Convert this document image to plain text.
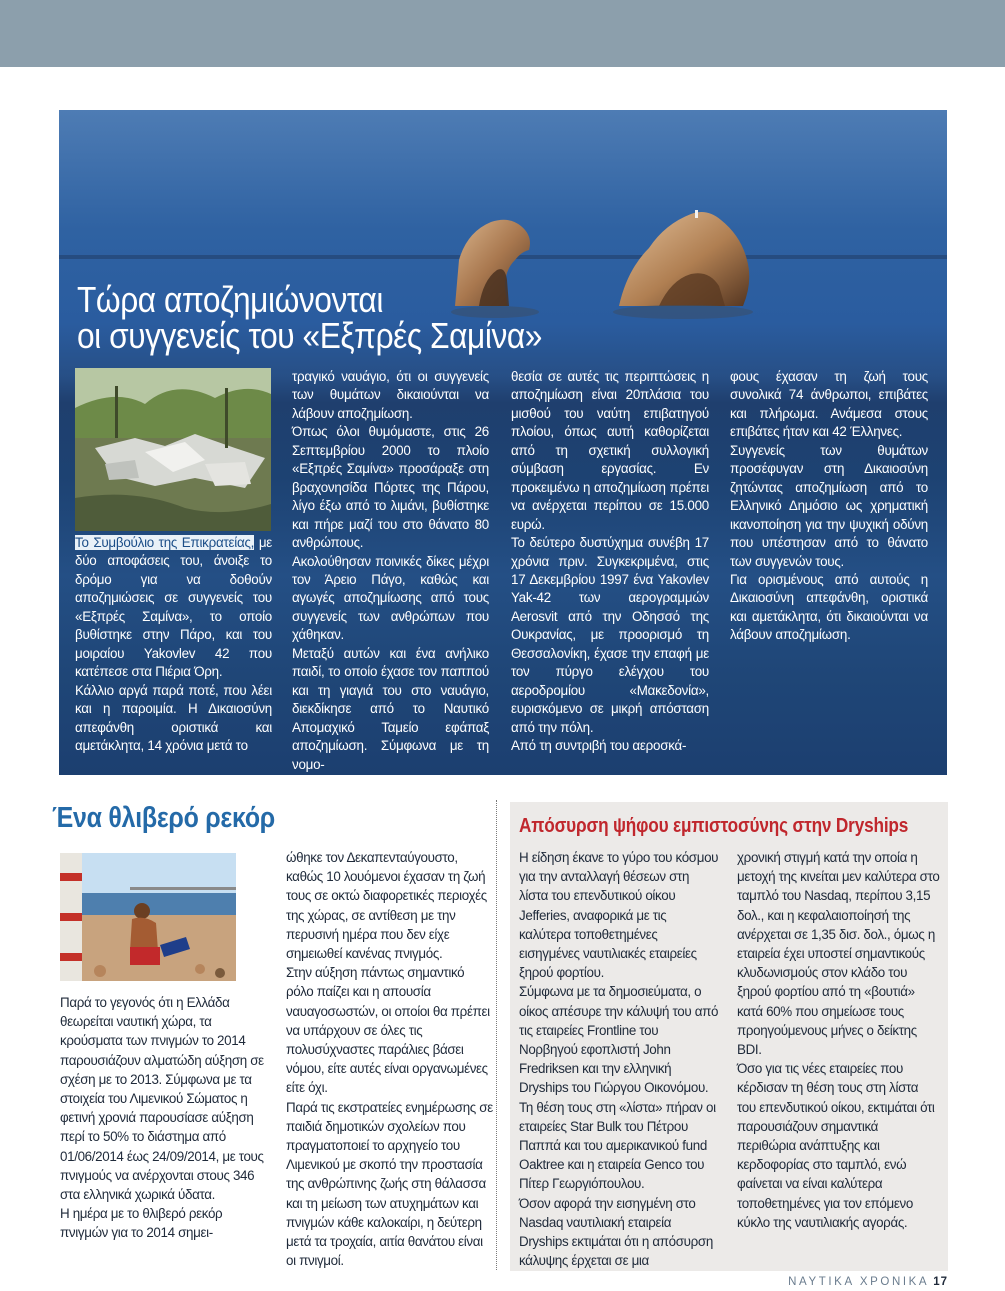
Τώρα αποζημιώνονται
οι συγγενείς του «Εξπρές Σαμίνα»

Το Συμβούλιο της Επικρατείας, με δύο αποφάσεις του, άνοιξε το δρόμο για να δοθούν αποζημιώσεις σε συγγενείς του «Εξπρές Σαμίνα», το οποίο βυθίστηκε στην Πάρο, και του μοιραίου Yakovlev 42 που κατέπεσε στα Πιέρια Όρη.

Κάλλιο αργά παρά ποτέ, που λέει και η παροιμία. Η Δικαιοσύνη απεφάνθη οριστικά και αμετάκλητα, 14 χρόνια μετά το

τραγικό ναυάγιο, ότι οι συγγενείς των θυμάτων δικαιούνται να λάβουν αποζημίωση.

Όπως όλοι θυμόμαστε, στις 26 Σεπτεμβρίου 2000 το πλοίο «Εξπρές Σαμίνα» προσάραξε στη βραχονησίδα Πόρτες της Πάρου, λίγο έξω από το λιμάνι, βυθίστηκε και πήρε μαζί του στο θάνατο 80 ανθρώπους.

Ακολούθησαν ποινικές δίκες μέχρι τον Άρειο Πάγο, καθώς και αγωγές αποζημίωσης από τους συγγενείς των ανθρώπων που χάθηκαν.

Μεταξύ αυτών και ένα ανήλικο παιδί, το οποίο έχασε τον παππού και τη γιαγιά του στο ναυάγιο, διεκδίκησε από το Ναυτικό Απομαχικό Ταμείο εφάπαξ αποζημίωση. Σύμφωνα με τη νομο-

θεσία σε αυτές τις περιπτώσεις η αποζημίωση είναι 20πλάσια του μισθού του ναύτη επιβατηγού πλοίου, όπως αυτή καθορίζεται από τη σχετική συλλογική σύμβαση εργασίας. Εν προκειμένω η αποζημίωση πρέπει να ανέρχεται περίπου σε 15.000 ευρώ.

Το δεύτερο δυστύχημα συνέβη 17 χρόνια πριν. Συγκεκριμένα, στις 17 Δεκεμβρίου 1997 ένα Yakovlev Yak-42 των αερογραμμών Aerosvit από την Οδησσό της Ουκρανίας, με προορισμό τη Θεσσαλονίκη, έχασε την επαφή με τον πύργο ελέγχου του αεροδρομίου «Μακεδονία», ευρισκόμενο σε μικρή απόσταση από την πόλη.

Από τη συντριβή του αεροσκά-

φους έχασαν τη ζωή τους συνολικά 74 άνθρωποι, επιβάτες και πλήρωμα. Ανάμεσα στους επιβάτες ήταν και 42 Έλληνες.

Συγγενείς των θυμάτων προσέφυγαν στη Δικαιοσύνη ζητώντας αποζημίωση από το Ελληνικό Δημόσιο ως χρηματική ικανοποίηση για την ψυχική οδύνη που υπέστησαν από το θάνατο των συγγενών τους.

Για ορισμένους από αυτούς η Δικαιοσύνη απεφάνθη, οριστικά και αμετάκλητα, ότι δικαιούνται να λάβουν αποζημίωση.

Ένα θλιβερό ρεκόρ

Παρά το γεγονός ότι η Ελλάδα θεωρείται ναυτική χώρα, τα κρούσματα των πνιγμών το 2014 παρουσιάζουν αλματώδη αύξηση σε σχέση με το 2013. Σύμφωνα με τα στοιχεία του Λιμενικού Σώματος η φετινή χρονιά παρουσίασε αύξηση περί το 50% το διάστημα από 01/06/2014 έως 24/09/2014, με τους πνιγμούς να ανέρχονται στους 346 στα ελληνικά χωρικά ύδατα.

Η ημέρα με το θλιβερό ρεκόρ πνιγμών για το 2014 σημει-

ώθηκε τον Δεκαπενταύγουστο, καθώς 10 λουόμενοι έχασαν τη ζωή τους σε οκτώ διαφορετικές περιοχές της χώρας, σε αντίθεση με την περυσινή ημέρα που δεν είχε σημειωθεί κανένας πνιγμός.

Στην αύξηση πάντως σημαντικό ρόλο παίζει και η απουσία ναυαγοσωστών, οι οποίοι θα πρέπει να υπάρχουν σε όλες τις πολυσύχναστες παράλιες βάσει νόμου, είτε αυτές είναι οργανωμένες είτε όχι.

Παρά τις εκστρατείες ενημέρωσης σε παιδιά δημοτικών σχολείων που πραγματοποιεί το αρχηγείο του Λιμενικού με σκοπό την προστασία της ανθρώπινης ζωής στη θάλασσα και τη μείωση των ατυχημάτων και πνιγμών κάθε καλοκαίρι, η δεύτερη μετά τα τροχαία, αιτία θανάτου είναι οι πνιγμοί.

Απόσυρση ψήφου εμπιστοσύνης στην Dryships

Η είδηση έκανε το γύρο του κόσμου για την ανταλλαγή θέσεων στη λίστα του επενδυτικού οίκου Jefferies, αναφορικά με τις καλύτερα τοποθετημένες εισηγμένες ναυτιλιακές εταιρείες ξηρού φορτίου.

Σύμφωνα με τα δημοσιεύματα, ο οίκος απέσυρε την κάλυψή του από τις εταιρείες Frontline του Νορβηγού εφοπλιστή John Fredriksen και την ελληνική Dryships του Γιώργου Οικονόμου.

Τη θέση τους στη «λίστα» πήραν οι εταιρείες Star Bulk του Πέτρου Παππά και του αμερικανικού fund Oaktree και η εταιρεία Genco του Πίτερ Γεωργιόπουλου.

Όσον αφορά την εισηγμένη στο Nasdaq ναυτιλιακή εταιρεία Dryships εκτιμάται ότι η απόσυρση κάλυψης έρχεται σε μια

χρονική στιγμή κατά την οποία η μετοχή της κινείται μεν καλύτερα στο ταμπλό του Nasdaq, περίπου 3,15 δολ., και η κεφαλαιοποίησή της ανέρχεται σε 1,35 δισ. δολ., όμως η εταιρεία έχει υποστεί σημαντικούς κλυδωνισμούς στον κλάδο του ξηρού φορτίου από τη «βουτιά» κατά 60% που σημείωσε τους προηγούμενους μήνες ο δείκτης BDI.

Όσο για τις νέες εταιρείες που κέρδισαν τη θέση τους στη λίστα του επενδυτικού οίκου, εκτιμάται ότι παρουσιάζουν σημαντικά περιθώρια ανάπτυξης και κερδοφορίας στο ταμπλό, ενώ φαίνεται να είναι καλύτερα τοποθετημένες για τον επόμενο κύκλο της ναυτιλιακής αγοράς.

ΝΑΥΤΙΚΑ ΧΡΟΝΙΚΑ 17
